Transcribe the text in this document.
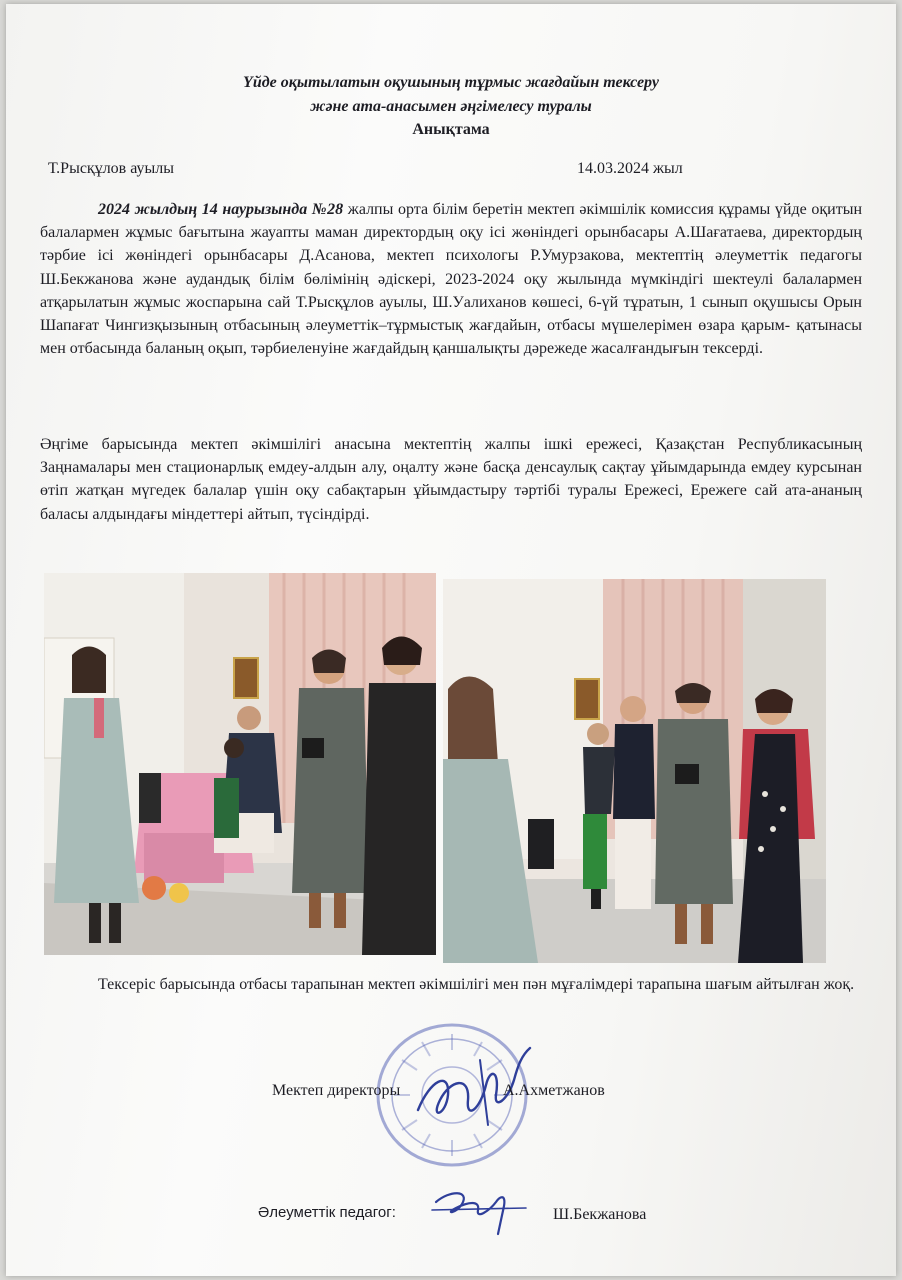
Үйде оқытылатын оқушының тұрмыс жағдайын тексеру
және ата-анасымен әңгімелесу туралы
Анықтама
Т.Рысқұлов ауылы	14.03.2024 жыл

2024 жылдың 14 наурызында №28 жалпы орта білім беретін мектеп әкімшілік комиссия құрамы үйде оқитын балалармен жұмыс бағытына жауапты маман директордың оқу ісі жөніндегі орынбасары А.Шағатаева, директордың тәрбие ісі жөніндегі орынбасары Д.Асанова, мектеп психологы Р.Умурзакова, мектептің әлеуметтік педагогы Ш.Бекжанова және аудандық білім бөлімінің әдіскері, 2023-2024 оқу жылында мүмкіндігі шектеулі балалармен атқарылатын жұмыс жоспарына сай Т.Рысқұлов ауылы, Ш.Уалиханов көшесі, 6-үй тұратын, 1 сынып оқушысы Орын Шапағат Чингизқызының отбасының әлеуметтік–тұрмыстық жағдайын, отбасы мүшелерімен өзара қарым- қатынасы мен отбасында баланың оқып, тәрбиеленуіне жағдайдың қаншалықты дәрежеде жасалғандығын тексерді.

Әңгіме барысында мектеп әкімшілігі анасына мектептің жалпы ішкі ережесі, Қазақстан Республикасының Заңнамалары мен стационарлық емдеу-алдын алу, оңалту және басқа денсаулық сақтау ұйымдарында емдеу курсынан өтіп жатқан мүгедек балалар үшін оқу сабақтарын ұйымдастыру тәртібі туралы Ережесі, Ережеге сай ата-ананың баласы алдындағы міндеттері айтып, түсіндірді.

Тексеріс барысында отбасы тарапынан мектеп әкімшілігі мен пән мұғалімдері тарапына шағым айтылған жоқ.

Мектеп директоры	А.Ахметжанов
Әлеуметтік педагог:	Ш.Бекжанова
